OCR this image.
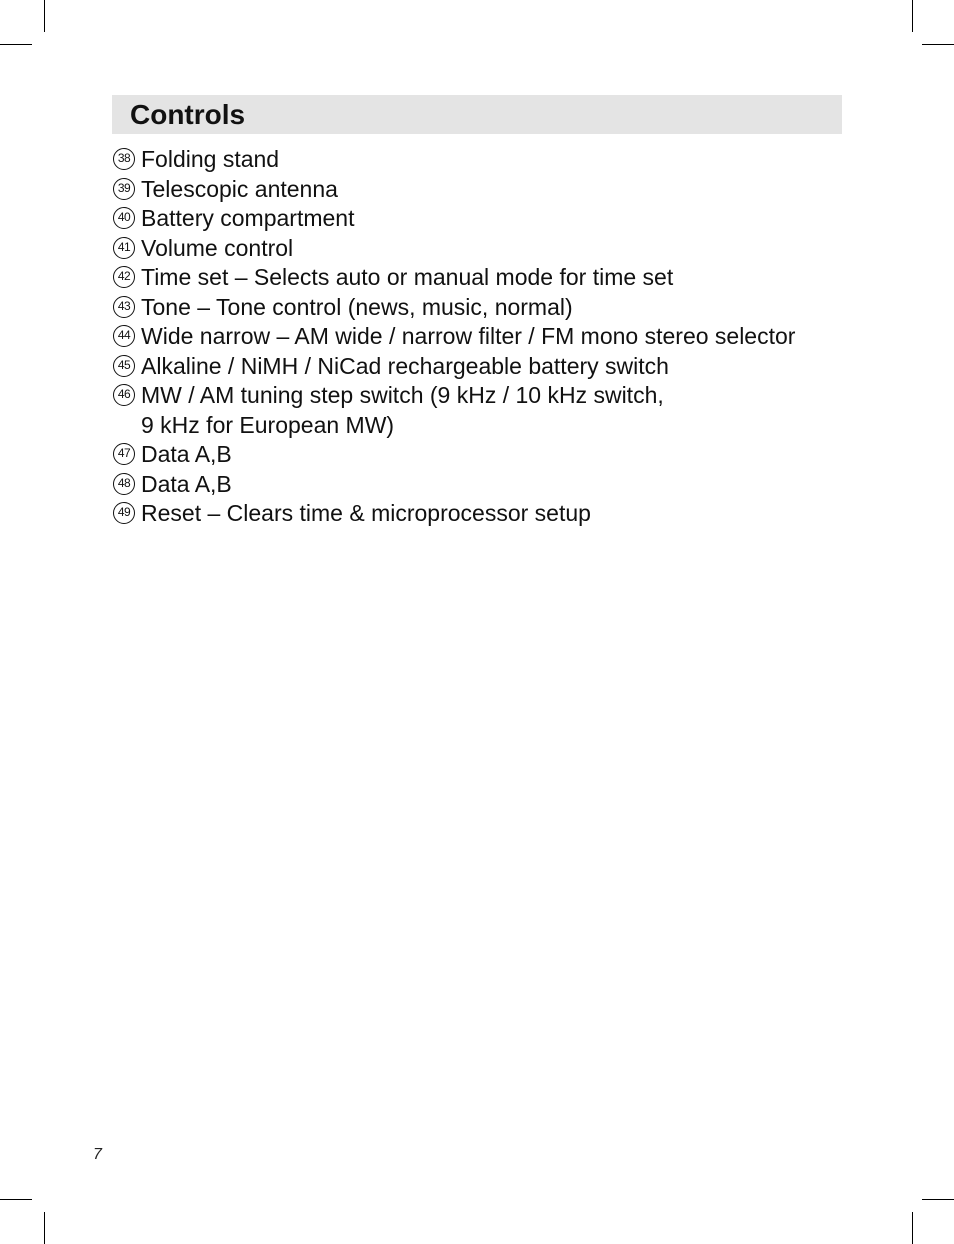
Controls
38 Folding stand
39 Telescopic antenna
40 Battery compartment
41 Volume control
42 Time set – Selects auto or manual mode for time set
43 Tone – Tone control (news, music, normal)
44 Wide narrow – AM wide / narrow filter / FM mono stereo selector
45 Alkaline / NiMH / NiCad rechargeable battery switch
46 MW / AM tuning step switch (9 kHz / 10 kHz switch,
9 kHz for European MW)
47 Data A,B
48 Data A,B
49 Reset – Clears time & microprocessor setup

7
